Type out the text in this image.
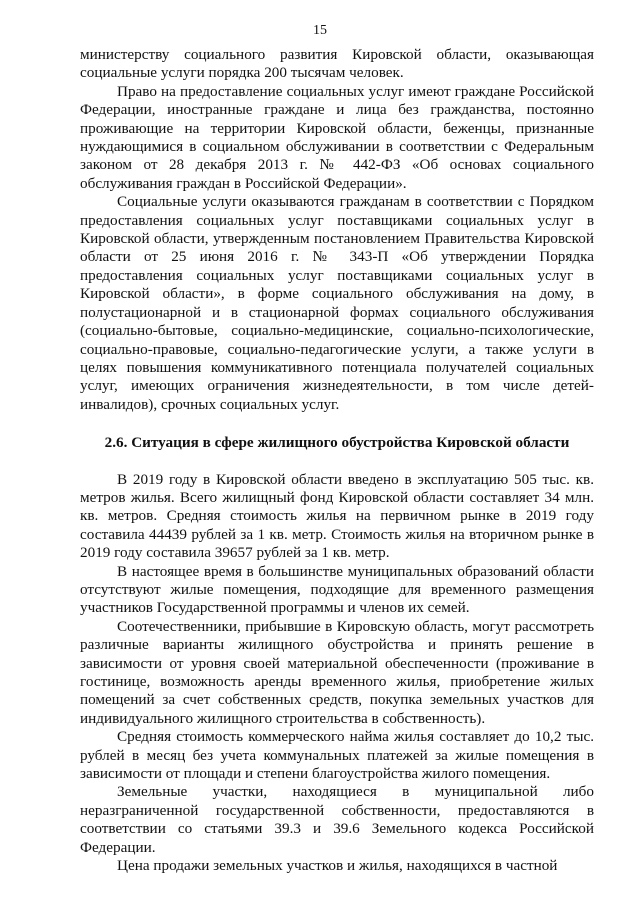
15

министерству социального развития Кировской области, оказывающая социальные услуги порядка 200 тысячам человек.

Право на предоставление социальных услуг имеют граждане Российской Федерации, иностранные граждане и лица без гражданства, постоянно проживающие на территории Кировской области, беженцы, признанные нуждающимися в социальном обслуживании в соответствии с Федеральным законом от 28 декабря 2013 г. № 442-ФЗ «Об основах социального обслуживания граждан в Российской Федерации».

Социальные услуги оказываются гражданам в соответствии с Порядком предоставления социальных услуг поставщиками социальных услуг в Кировской области, утвержденным постановлением Правительства Кировской области от 25 июня 2016 г. № 343-П «Об утверждении Порядка предоставления социальных услуг поставщиками социальных услуг в Кировской области», в форме социального обслуживания на дому, в полустационарной и в стационарной формах социального обслуживания (социально-бытовые, социально-медицинские, социально-психологические, социально-правовые, социально-педагогические услуги, а также услуги в целях повышения коммуникативного потенциала получателей социальных услуг, имеющих ограничения жизнедеятельности, в том числе детей-инвалидов), срочных социальных услуг.

2.6. Ситуация в сфере жилищного обустройства Кировской области

В 2019 году в Кировской области введено в эксплуатацию 505 тыс. кв. метров жилья. Всего жилищный фонд Кировской области составляет 34 млн. кв. метров. Средняя стоимость жилья на первичном рынке в 2019 году составила 44439 рублей за 1 кв. метр. Стоимость жилья на вторичном рынке в 2019 году составила 39657 рублей за 1 кв. метр.

В настоящее время в большинстве муниципальных образований области отсутствуют жилые помещения, подходящие для временного размещения участников Государственной программы и членов их семей.

Соотечественники, прибывшие в Кировскую область, могут рассмотреть различные варианты жилищного обустройства и принять решение в зависимости от уровня своей материальной обеспеченности (проживание в гостинице, возможность аренды временного жилья, приобретение жилых помещений за счет собственных средств, покупка земельных участков для индивидуального жилищного строительства в собственность).

Средняя стоимость коммерческого найма жилья составляет до 10,2 тыс. рублей в месяц без учета коммунальных платежей за жилые помещения в зависимости от площади и степени благоустройства жилого помещения.

Земельные участки, находящиеся в муниципальной либо неразграниченной государственной собственности, предоставляются в соответствии со статьями 39.3 и 39.6 Земельного кодекса Российской Федерации.

Цена продажи земельных участков и жилья, находящихся в частной
